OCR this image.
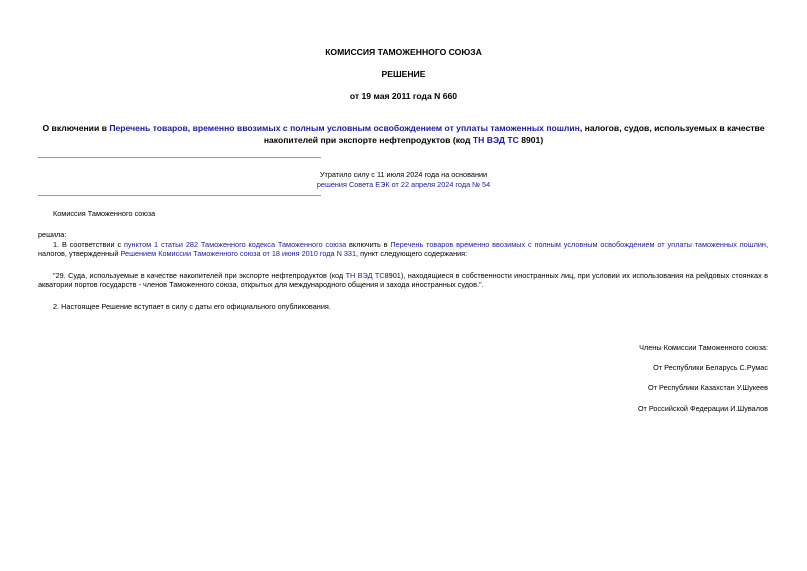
КОМИССИЯ ТАМОЖЕННОГО СОЮЗА
РЕШЕНИЕ
от 19 мая 2011 года N 660
О включении в Перечень товаров, временно ввозимых с полным условным освобождением от уплаты таможенных пошлин, налогов, судов, используемых в качестве накопителей при экспорте нефтепродуктов (код ТН ВЭД ТС 8901)
Утратило силу с 11 июля 2024 года на основании
решения Совета ЕЭК от 22 апреля 2024 года № 54
Комиссия Таможенного союза
решила:
1. В соответствии с пунктом 1 статьи 282 Таможенного кодекса Таможенного союза включить в Перечень товаров временно ввозимых с полным условным освобождением от уплаты таможенных пошлин, налогов, утвержденный Решением Комиссии Таможенного союза от 18 июня 2010 года N 331, пункт следующего содержания:
"29. Суда, используемые в качестве накопителей при экспорте нефтепродуктов (код ТН ВЭД ТС8901), находящиеся в собственности иностранных лиц, при условии их использования на рейдовых стоянках в акватории портов государств - членов Таможенного союза, открытых для международного общения и захода иностранных судов.".
2. Настоящее Решение вступает в силу с даты его официального опубликования.
Члены Комиссии Таможенного союза:
От Республики Беларусь С.Румас
От Республики Казахстан У.Шукеев
От Российской Федерации И.Шувалов
